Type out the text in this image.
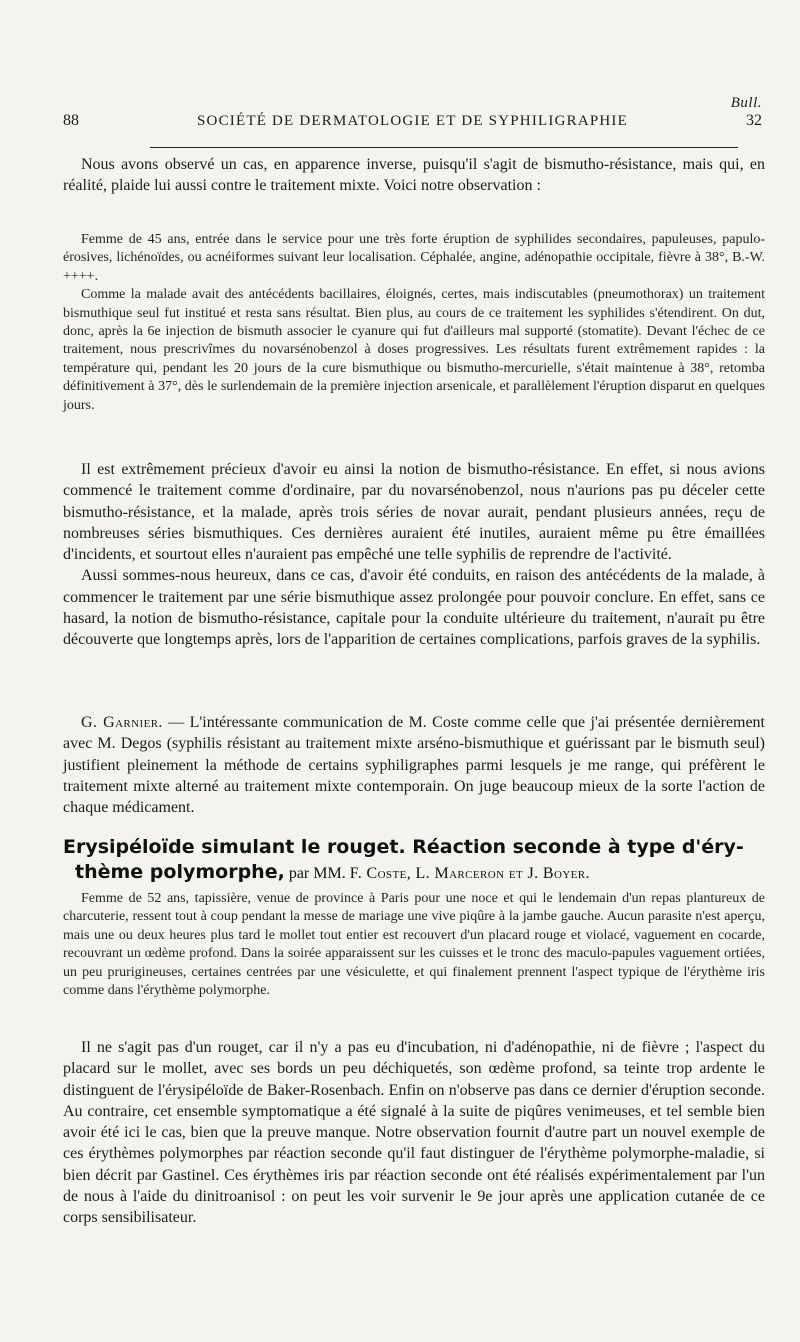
Bull.
88	SOCIÉTÉ DE DERMATOLOGIE ET DE SYPHILIGRAPHIE	32

Nous avons observé un cas, en apparence inverse, puisqu'il s'agit de bismutho-résistance, mais qui, en réalité, plaide lui aussi contre le traitement mixte. Voici notre observation :

Femme de 45 ans, entrée dans le service pour une très forte éruption de syphilides secondaires, papuleuses, papulo-érosives, lichénoïdes, ou acnéiformes suivant leur localisation. Céphalée, angine, adénopathie occipitale, fièvre à 38°, B.-W. ++++.

Comme la malade avait des antécédents bacillaires, éloignés, certes, mais indiscutables (pneumothorax) un traitement bismuthique seul fut institué et resta sans résultat. Bien plus, au cours de ce traitement les syphilides s'étendirent. On dut, donc, après la 6e injection de bismuth associer le cyanure qui fut d'ailleurs mal supporté (stomatite). Devant l'échec de ce traitement, nous prescrivîmes du novarsénobenzol à doses progressives. Les résultats furent extrêmement rapides : la température qui, pendant les 20 jours de la cure bismuthique ou bismutho-mercurielle, s'était maintenue à 38°, retomba définitivement à 37°, dès le surlendemain de la première injection arsenicale, et parallèlement l'éruption disparut en quelques jours.

Il est extrêmement précieux d'avoir eu ainsi la notion de bismutho-résistance. En effet, si nous avions commencé le traitement comme d'ordinaire, par du novarsénobenzol, nous n'aurions pas pu déceler cette bismutho-résistance, et la malade, après trois séries de novar aurait, pendant plusieurs années, reçu de nombreuses séries bismuthiques. Ces dernières auraient été inutiles, auraient même pu être émaillées d'incidents, et sourtout elles n'auraient pas empêché une telle syphilis de reprendre de l'activité.

Aussi sommes-nous heureux, dans ce cas, d'avoir été conduits, en raison des antécédents de la malade, à commencer le traitement par une série bismuthique assez prolongée pour pouvoir conclure. En effet, sans ce hasard, la notion de bismutho-résistance, capitale pour la conduite ultérieure du traitement, n'aurait pu être découverte que longtemps après, lors de l'apparition de certaines complications, parfois graves de la syphilis.

G. Garnier. — L'intéressante communication de M. Coste comme celle que j'ai présentée dernièrement avec M. Degos (syphilis résistant au traitement mixte arséno-bismuthique et guérissant par le bismuth seul) justifient pleinement la méthode de certains syphiligraphes parmi lesquels je me range, qui préfèrent le traitement mixte alterné au traitement mixte contemporain. On juge beaucoup mieux de la sorte l'action de chaque médicament.

Erysipéloïde simulant le rouget. Réaction seconde à type d'éry-
thème polymorphe, par MM. F. Coste, L. Marceron et J. Boyer.

Femme de 52 ans, tapissière, venue de province à Paris pour une noce et qui le lendemain d'un repas plantureux de charcuterie, ressent tout à coup pendant la messe de mariage une vive piqûre à la jambe gauche. Aucun parasite n'est aperçu, mais une ou deux heures plus tard le mollet tout entier est recouvert d'un placard rouge et violacé, vaguement en cocarde, recouvrant un œdème profond. Dans la soirée apparaissent sur les cuisses et le tronc des maculo-papules vaguement ortiées, un peu prurigineuses, certaines centrées par une vésiculette, et qui finalement prennent l'aspect typique de l'érythème iris comme dans l'érythème polymorphe.

Il ne s'agit pas d'un rouget, car il n'y a pas eu d'incubation, ni d'adénopathie, ni de fièvre ; l'aspect du placard sur le mollet, avec ses bords un peu déchiquetés, son œdème profond, sa teinte trop ardente le distinguent de l'érysipéloïde de Baker-Rosenbach. Enfin on n'observe pas dans ce dernier d'éruption seconde. Au contraire, cet ensemble symptomatique a été signalé à la suite de piqûres venimeuses, et tel semble bien avoir été ici le cas, bien que la preuve manque. Notre observation fournit d'autre part un nouvel exemple de ces érythèmes polymorphes par réaction seconde qu'il faut distinguer de l'érythème polymorphe-maladie, si bien décrit par Gastinel. Ces érythèmes iris par réaction seconde ont été réalisés expérimentalement par l'un de nous à l'aide du dinitroanisol : on peut les voir survenir le 9e jour après une application cutanée de ce corps sensibilisateur.
